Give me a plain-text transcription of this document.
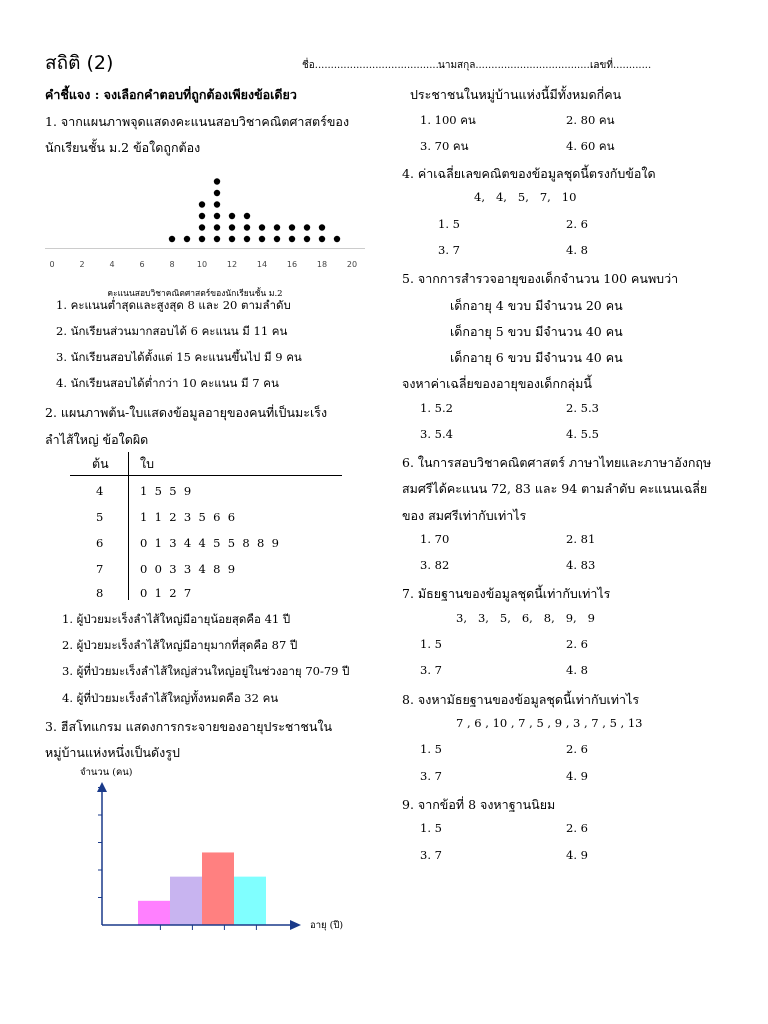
สถิติ (2)	ชื่อ.........................................
นามสกุล.......................................
เลขที่............
คำชี้แจง : จงเลือกคำตอบที่ถูกต้องเพียงข้อเดียว
1. จากแผนภาพจุดแสดงคะแนนสอบวิชาคณิตศาสตร์ของ
นักเรียนชั้น ม.2 ข้อใดถูกต้อง
0	2	4	6	8	10 12 14 16 18 20
คะแนนสอบวิชาคณิตศาสตร์ของนักเรียนชั้น ม.2
1. คะแนนต่ำสุดและสูงสุด 8 และ 20 ตามลำดับ
2. นักเรียนส่วนมากสอบได้ 6 คะแนน มี 11 คน
3. นักเรียนสอบได้ตั้งแต่ 15 คะแนนขึ้นไป มี 9 คน
4. นักเรียนสอบได้ต่ำกว่า 10 คะแนน มี 7 คน
2. แผนภาพต้น-ใบแสดงข้อมูลอายุของคนที่เป็นมะเร็ง
ลำไส้ใหญ่ ข้อใดผิด
ต้น	ใบ
4	1  5  5  9
5	1  1  2  3  5  6  6
6	0  1  3  4  4  5  5  8  8  9
7	0  0  3  3  4  8  9
8	0  1  2  7
1. ผู้ป่วยมะเร็งลำไส้ใหญ่มีอายุน้อยสุดคือ 41 ปี
2. ผู้ป่วยมะเร็งลำไส้ใหญ่มีอายุมากที่สุดคือ 87 ปี
3. ผู้ที่ป่วยมะเร็งลำไส้ใหญ่ส่วนใหญ่อยู่ในช่วงอายุ 70-79 ปี
4. ผู้ที่ป่วยมะเร็งลำไส้ใหญ่ทั้งหมดคือ 32 คน
3. ฮีสโทแกรม แสดงการกระจายของอายุประชาชนใน
หมู่บ้านแห่งหนึ่งเป็นดังรูป
จำนวน (คน)
อายุ (ปี)
ประชาชนในหมู่บ้านแห่งนี้มีทั้งหมดกี่คน
1. 100 คน	2. 80 คน
3. 70 คน	4. 60 คน
4. ค่าเฉลี่ยเลขคณิตของข้อมูลชุดนี้ตรงกับข้อใด
4,   4,   5,   7,   10
1. 5	2. 6
3. 7	4. 8
5. จากการสำรวจอายุของเด็กจำนวน 100 คนพบว่า
เด็กอายุ 4 ขวบ มีจำนวน 20 คน
เด็กอายุ 5 ขวบ มีจำนวน 40 คน
เด็กอายุ 6 ขวบ มีจำนวน 40 คน
จงหาค่าเฉลี่ยของอายุของเด็กกลุ่มนี้
1. 5.2	2. 5.3
3. 5.4	4. 5.5
6. ในการสอบวิชาคณิตศาสตร์ ภาษาไทยและภาษาอังกฤษ
สมศรีได้คะแนน 72, 83 และ 94 ตามลำดับ คะแนนเฉลี่ย
ของ สมศรีเท่ากับเท่าไร
1. 70	2. 81
3. 82	4. 83
7. มัธยฐานของข้อมูลชุดนี้เท่ากับเท่าไร
3,   3,   5,   6,   8,   9,   9
1. 5	2. 6
3. 7	4. 8
8. จงหามัธยฐานของข้อมูลชุดนี้เท่ากับเท่าไร
7 , 6 , 10 , 7 , 5 , 9 , 3 , 7 , 5 , 13
1. 5	2. 6
3. 7	4. 9
9. จากข้อที่ 8 จงหาฐานนิยม
1. 5	2. 6
3. 7	4. 9
